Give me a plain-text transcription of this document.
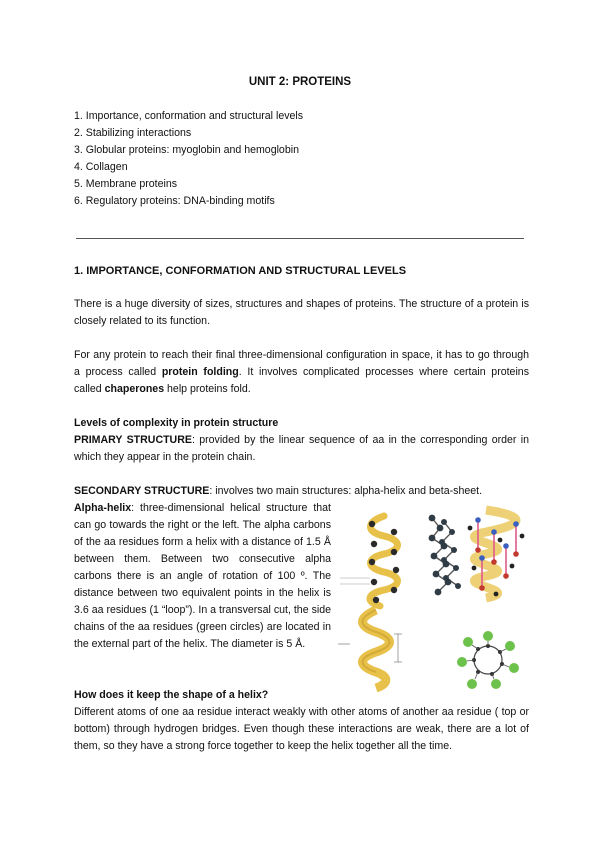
UNIT 2: PROTEINS
1. Importance, conformation and structural levels
2. Stabilizing interactions
3. Globular proteins: myoglobin and hemoglobin
4. Collagen
5. Membrane proteins
6. Regulatory proteins: DNA-binding motifs
1. IMPORTANCE, CONFORMATION AND STRUCTURAL LEVELS

There is a huge diversity of sizes, structures and shapes of proteins. The structure of a protein is closely related to its function.

For any protein to reach their final three-dimensional configuration in space, it has to go through a process called protein folding. It involves complicated processes where certain proteins called chaperones help proteins fold.

Levels of complexity in protein structure
PRIMARY STRUCTURE: provided by the linear sequence of aa in the corresponding order in which they appear in the protein chain.

SECONDARY STRUCTURE: involves two main structures: alpha-helix and beta-sheet.

Alpha-helix: three-dimensional helical structure that can go towards the right or the left. The alpha carbons of the aa residues form a helix with a distance of 1.5 Å between them. Between two consecutive alpha carbons there is an angle of rotation of 100 º. The distance between two equivalent points in the helix is 3.6 aa residues (1 “loop”). In a transversal cut, the side chains of the aa residues (green circles) are located in the external part of the helix. The diameter is 5 Å.

How does it keep the shape of a helix?
Different atoms of one aa residue interact weakly with other atoms of another aa residue ( top or bottom) through hydrogen bridges. Even though these interactions are weak, there are a lot of them, so they have a strong force together to keep the helix together all the time.
